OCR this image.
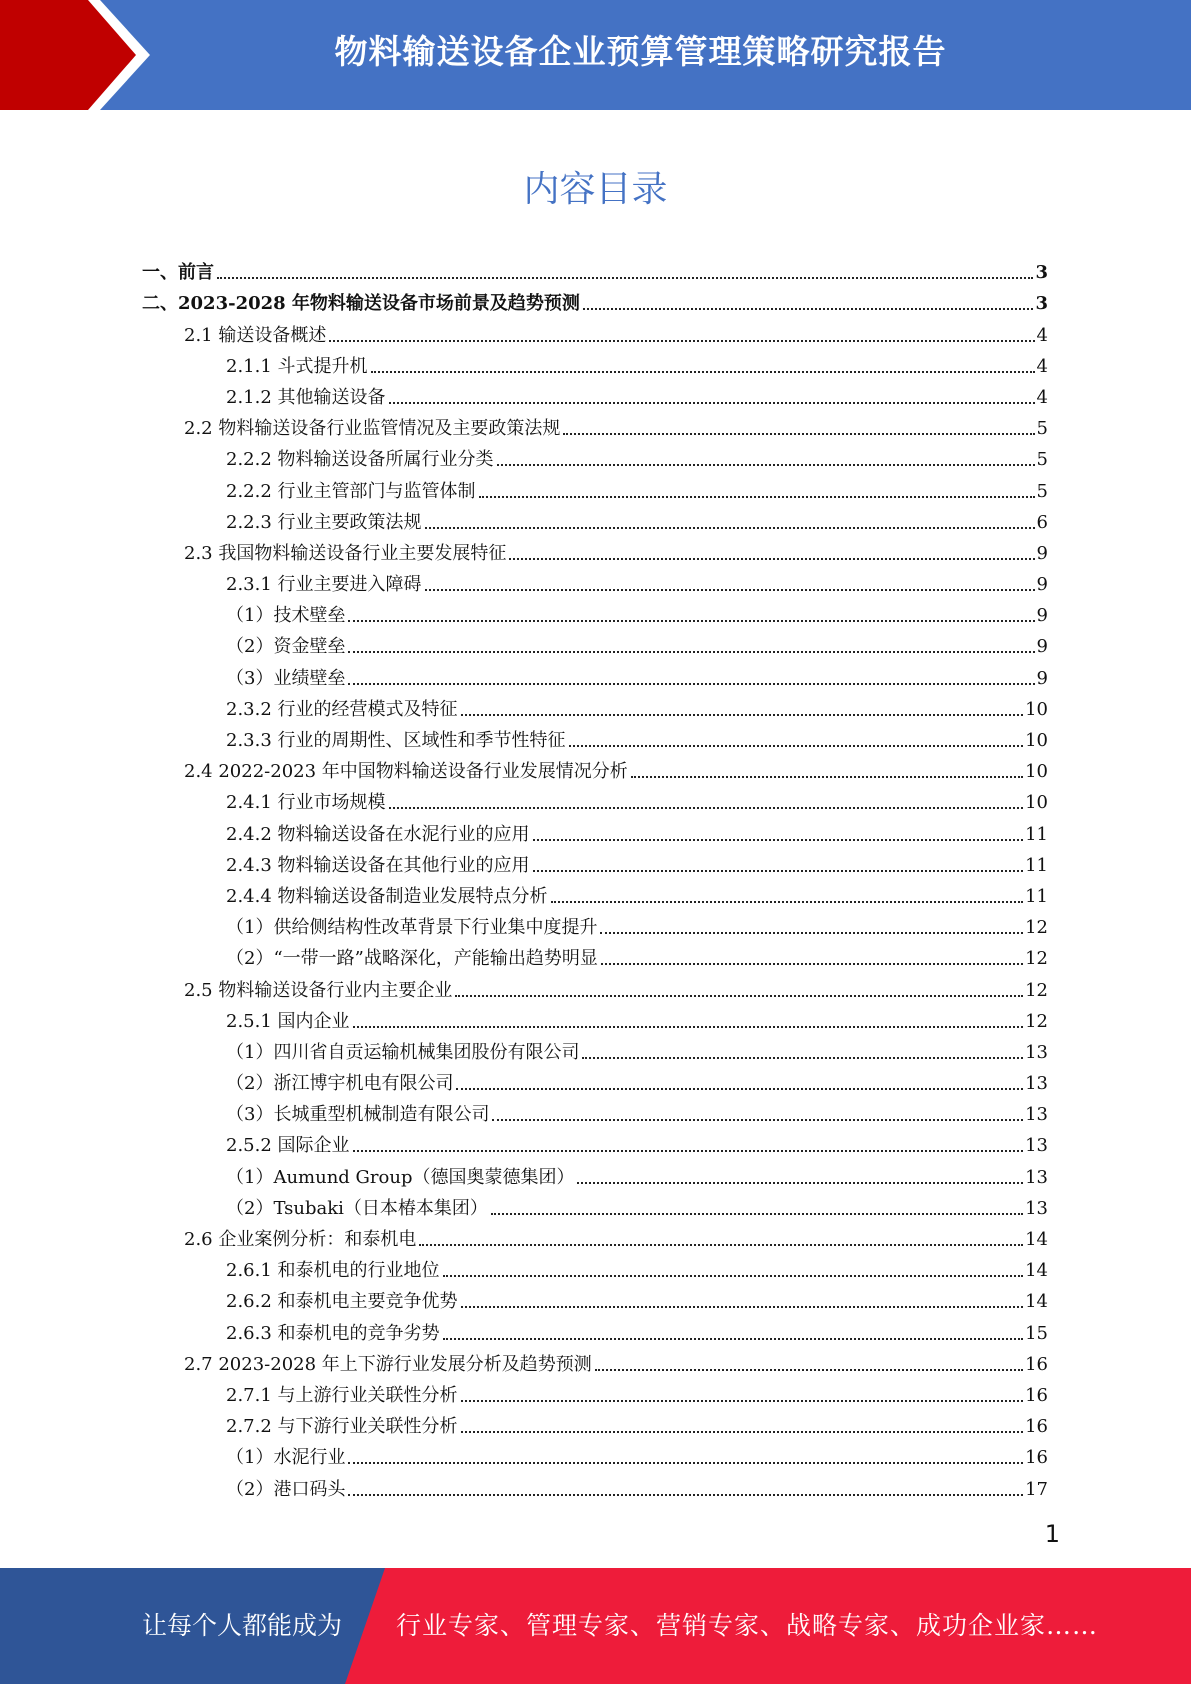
物料输送设备企业预算管理策略研究报告
内容目录
一、前言	3
二、2023-2028 年物料输送设备市场前景及趋势预测	3
2.1 输送设备概述	4
2.1.1 斗式提升机	4
2.1.2 其他输送设备	4
2.2 物料输送设备行业监管情况及主要政策法规	5
2.2.2 物料输送设备所属行业分类	5
2.2.2 行业主管部门与监管体制	5
2.2.3 行业主要政策法规	6
2.3 我国物料输送设备行业主要发展特征	9
2.3.1 行业主要进入障碍	9
（1）技术壁垒	9
（2）资金壁垒	9
（3）业绩壁垒	9
2.3.2 行业的经营模式及特征	10
2.3.3 行业的周期性、区域性和季节性特征	10
2.4 2022-2023 年中国物料输送设备行业发展情况分析	10
2.4.1 行业市场规模	10
2.4.2 物料输送设备在水泥行业的应用	11
2.4.3 物料输送设备在其他行业的应用	11
2.4.4 物料输送设备制造业发展特点分析	11
（1）供给侧结构性改革背景下行业集中度提升	12
（2）“一带一路”战略深化，产能输出趋势明显	12
2.5 物料输送设备行业内主要企业	12
2.5.1 国内企业	12
（1）四川省自贡运输机械集团股份有限公司	13
（2）浙江博宇机电有限公司	13
（3）长城重型机械制造有限公司	13
2.5.2 国际企业	13
（1）Aumund Group（德国奥蒙德集团）	13
（2）Tsubaki（日本椿本集团）	13
2.6 企业案例分析：和泰机电	14
2.6.1 和泰机电的行业地位	14
2.6.2 和泰机电主要竞争优势	14
2.6.3 和泰机电的竞争劣势	15
2.7 2023-2028 年上下游行业发展分析及趋势预测	16
2.7.1 与上游行业关联性分析	16
2.7.2 与下游行业关联性分析	16
（1）水泥行业	16
（2）港口码头	17
1
让每个人都能成为 行业专家、管理专家、营销专家、战略专家、成功企业家……
